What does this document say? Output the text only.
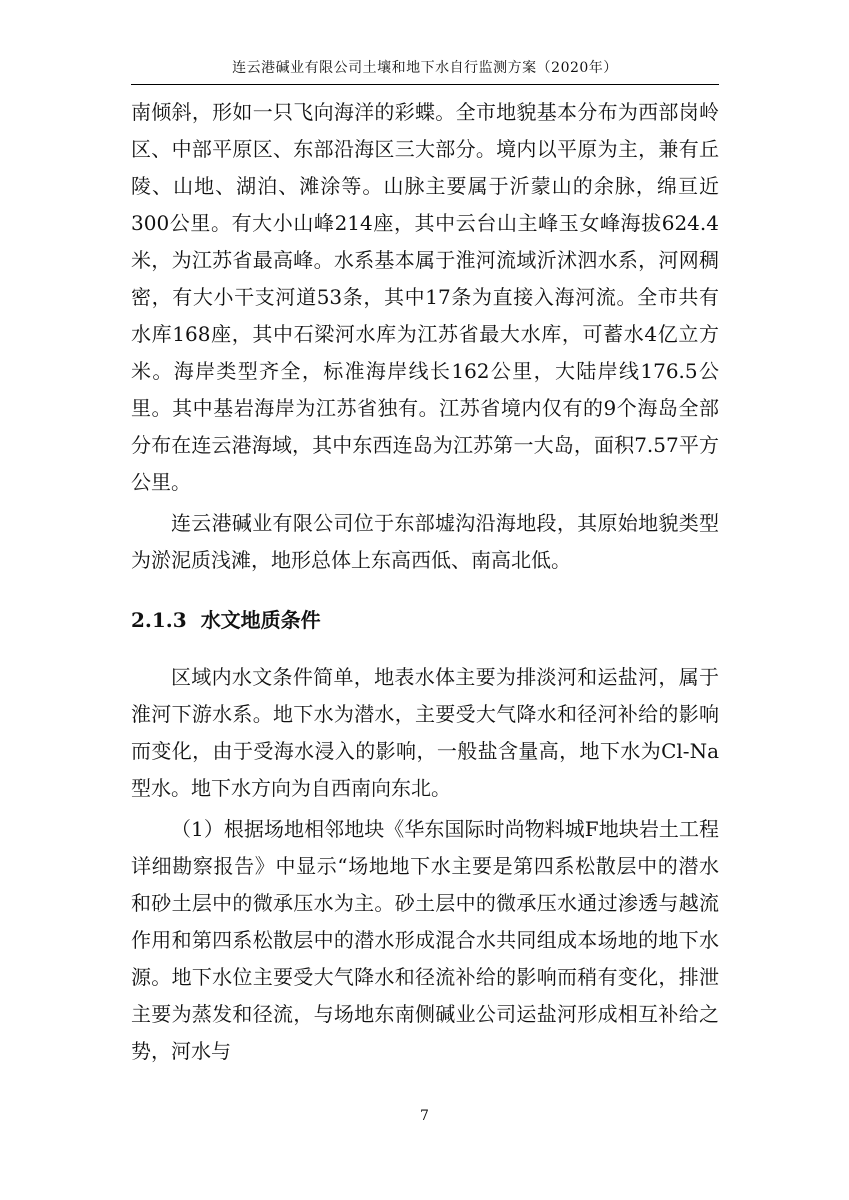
连云港碱业有限公司土壤和地下水自行监测方案（2020年）

南倾斜，形如一只飞向海洋的彩蝶。全市地貌基本分布为西部岗岭区、中部平原区、东部沿海区三大部分。境内以平原为主，兼有丘陵、山地、湖泊、滩涂等。山脉主要属于沂蒙山的余脉，绵亘近300公里。有大小山峰214座，其中云台山主峰玉女峰海拔624.4米，为江苏省最高峰。水系基本属于淮河流域沂沭泗水系，河网稠密，有大小干支河道53条，其中17条为直接入海河流。全市共有水库168座，其中石梁河水库为江苏省最大水库，可蓄水4亿立方米。海岸类型齐全，标准海岸线长162公里，大陆岸线176.5公里。其中基岩海岸为江苏省独有。江苏省境内仅有的9个海岛全部分布在连云港海域，其中东西连岛为江苏第一大岛，面积7.57平方公里。

连云港碱业有限公司位于东部墟沟沿海地段，其原始地貌类型为淤泥质浅滩，地形总体上东高西低、南高北低。

2.1.3 水文地质条件

区域内水文条件简单，地表水体主要为排淡河和运盐河，属于淮河下游水系。地下水为潜水，主要受大气降水和径河补给的影响而变化，由于受海水浸入的影响，一般盐含量高，地下水为Cl-Na型水。地下水方向为自西南向东北。

（1）根据场地相邻地块《华东国际时尚物料城F地块岩土工程详细勘察报告》中显示“场地地下水主要是第四系松散层中的潜水和砂土层中的微承压水为主。砂土层中的微承压水通过渗透与越流作用和第四系松散层中的潜水形成混合水共同组成本场地的地下水源。地下水位主要受大气降水和径流补给的影响而稍有变化，排泄主要为蒸发和径流，与场地东南侧碱业公司运盐河形成相互补给之势，河水与

7
